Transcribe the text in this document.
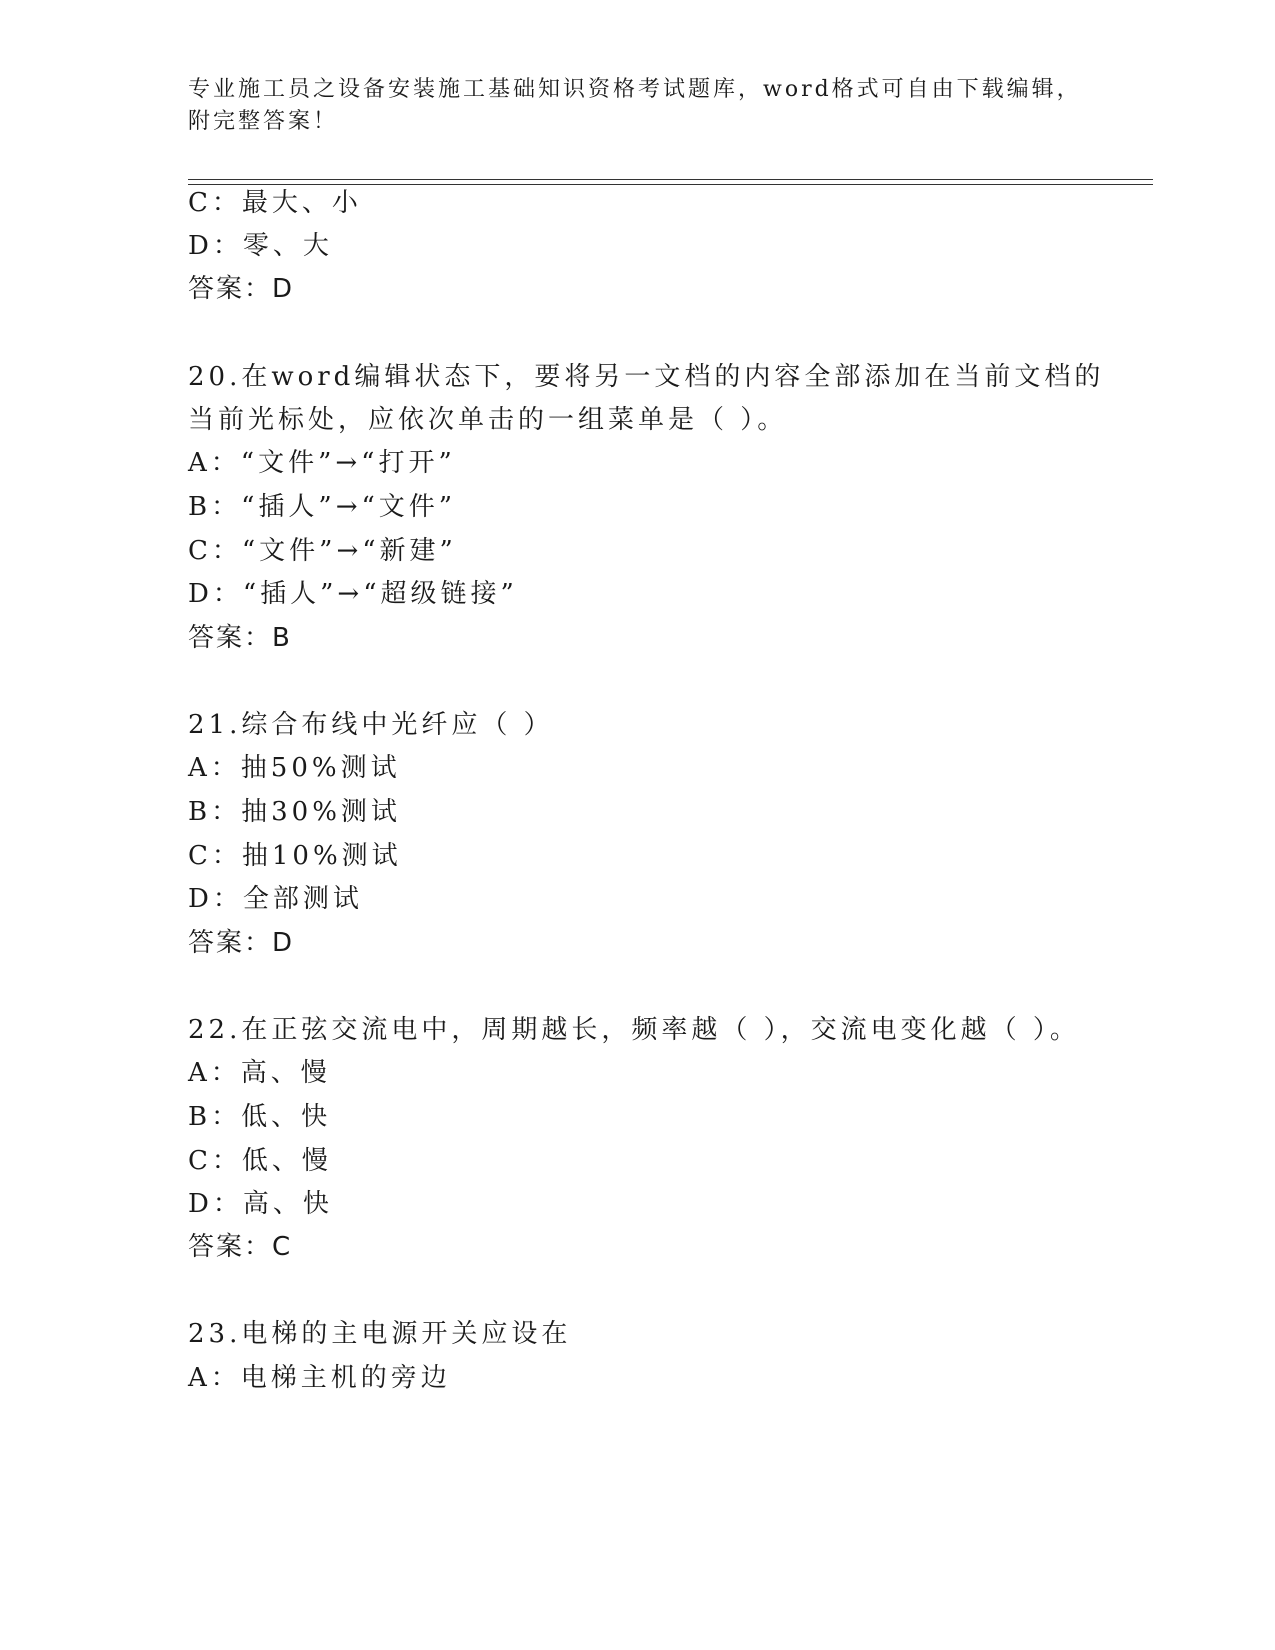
专业施工员之设备安装施工基础知识资格考试题库，word格式可自由下载编辑，
附完整答案！
C：最大、小
D：零、大
答案：D
20.在word编辑状态下，要将另一文档的内容全部添加在当前文档的
当前光标处，应依次单击的一组菜单是（ ）。
A：“文件”→“打开”
B：“插人”→“文件”
C：“文件”→“新建”
D：“插人”→“超级链接”
答案：B
21.综合布线中光纤应（ ）
A：抽50%测试
B：抽30%测试
C：抽10%测试
D：全部测试
答案：D
22.在正弦交流电中，周期越长，频率越（ ），交流电变化越（ ）。
A：高、慢
B：低、快
C：低、慢
D：高、快
答案：C
23.电梯的主电源开关应设在
A：电梯主机的旁边
